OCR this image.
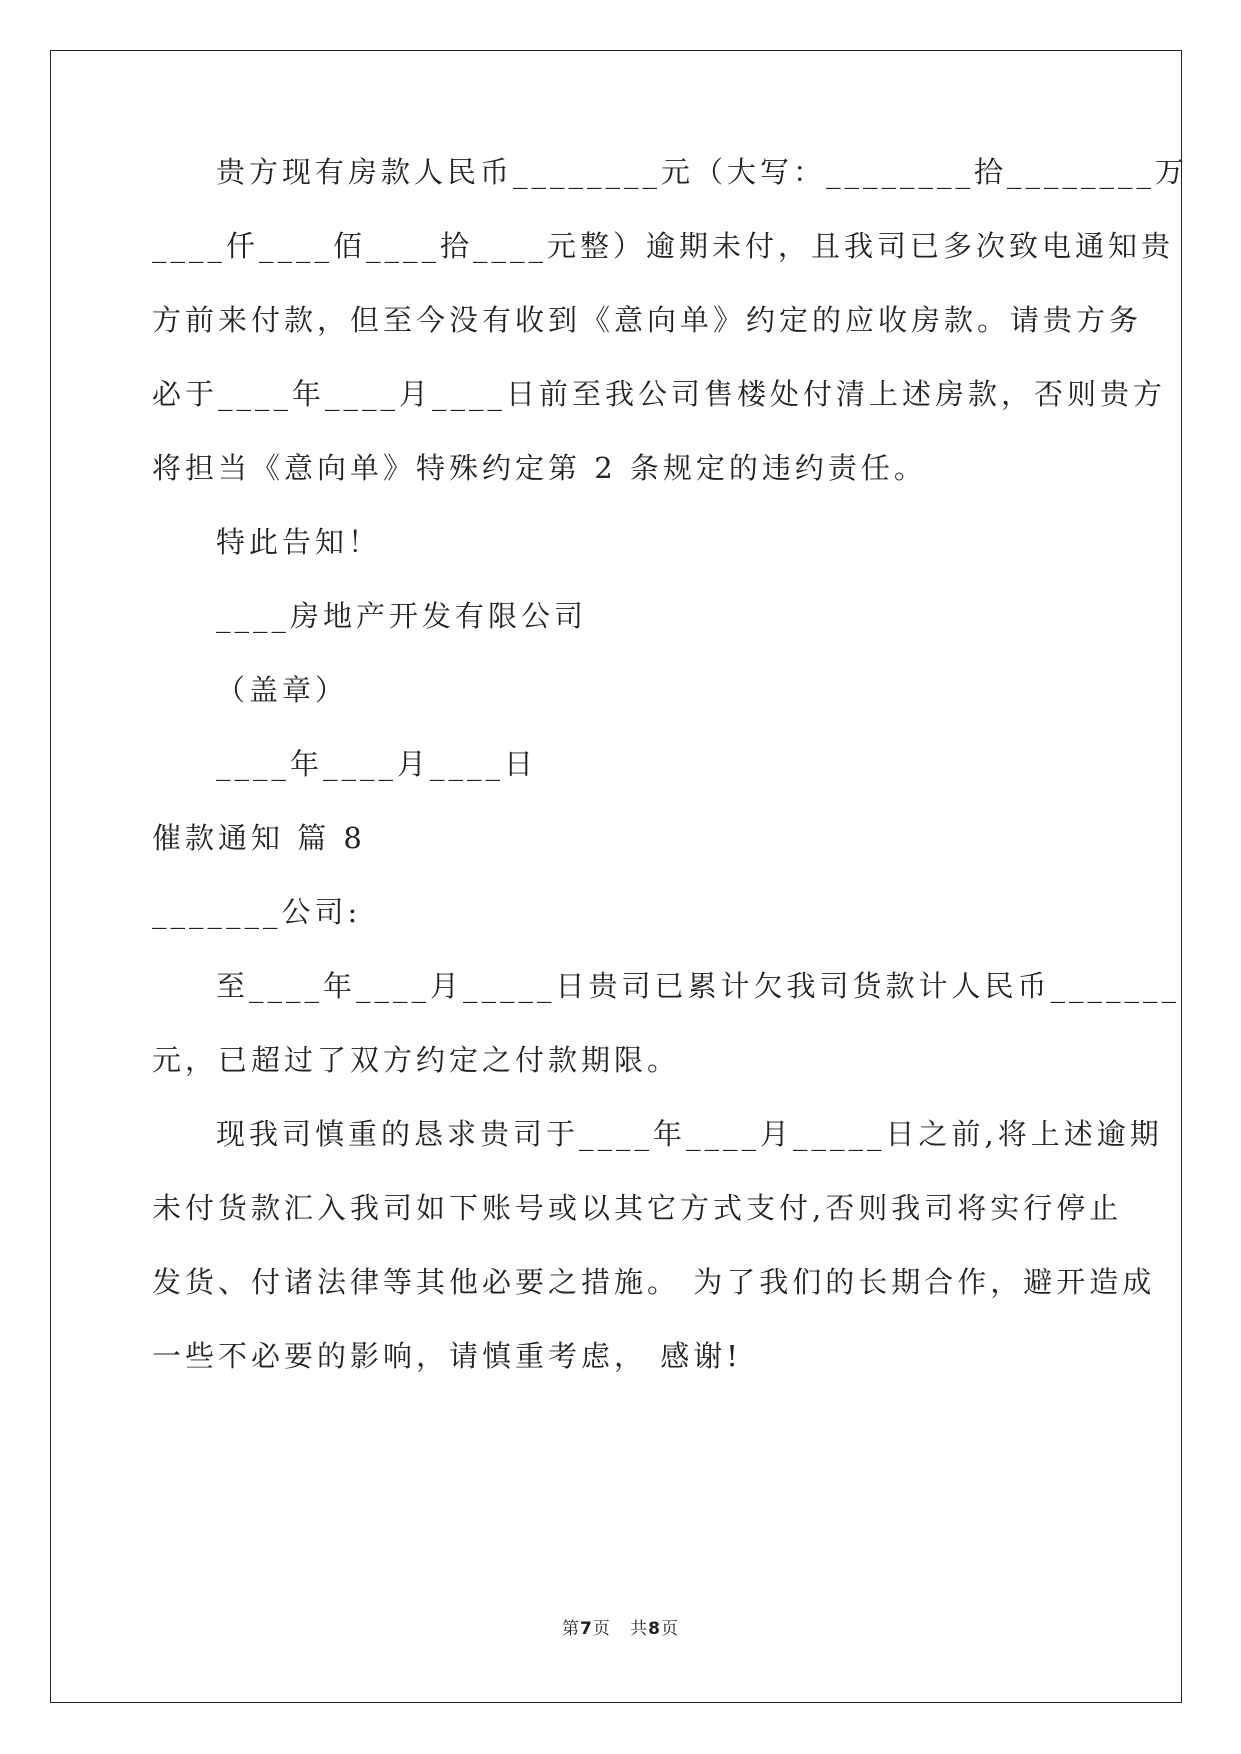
贵方现有房款人民币________元（大写：________拾________万
____仟____佰____拾____元整）逾期未付，且我司已多次致电通知贵
方前来付款，但至今没有收到《意向单》约定的应收房款。请贵方务
必于____年____月____日前至我公司售楼处付清上述房款，否则贵方
将担当《意向单》特殊约定第 2 条规定的违约责任。
特此告知！
____房地产开发有限公司
（盖章）
____年____月____日
催款通知 篇 8
_______公司:
至____年____月_____日贵司已累计欠我司货款计人民币_______
元，已超过了双方约定之付款期限。
现我司慎重的恳求贵司于____年____月_____日之前,将上述逾期
未付货款汇入我司如下账号或以其它方式支付,否则我司将实行停止
发货、付诸法律等其他必要之措施。 为了我们的长期合作，避开造成
一些不必要的影响，请慎重考虑， 感谢!
第7页 共8页
